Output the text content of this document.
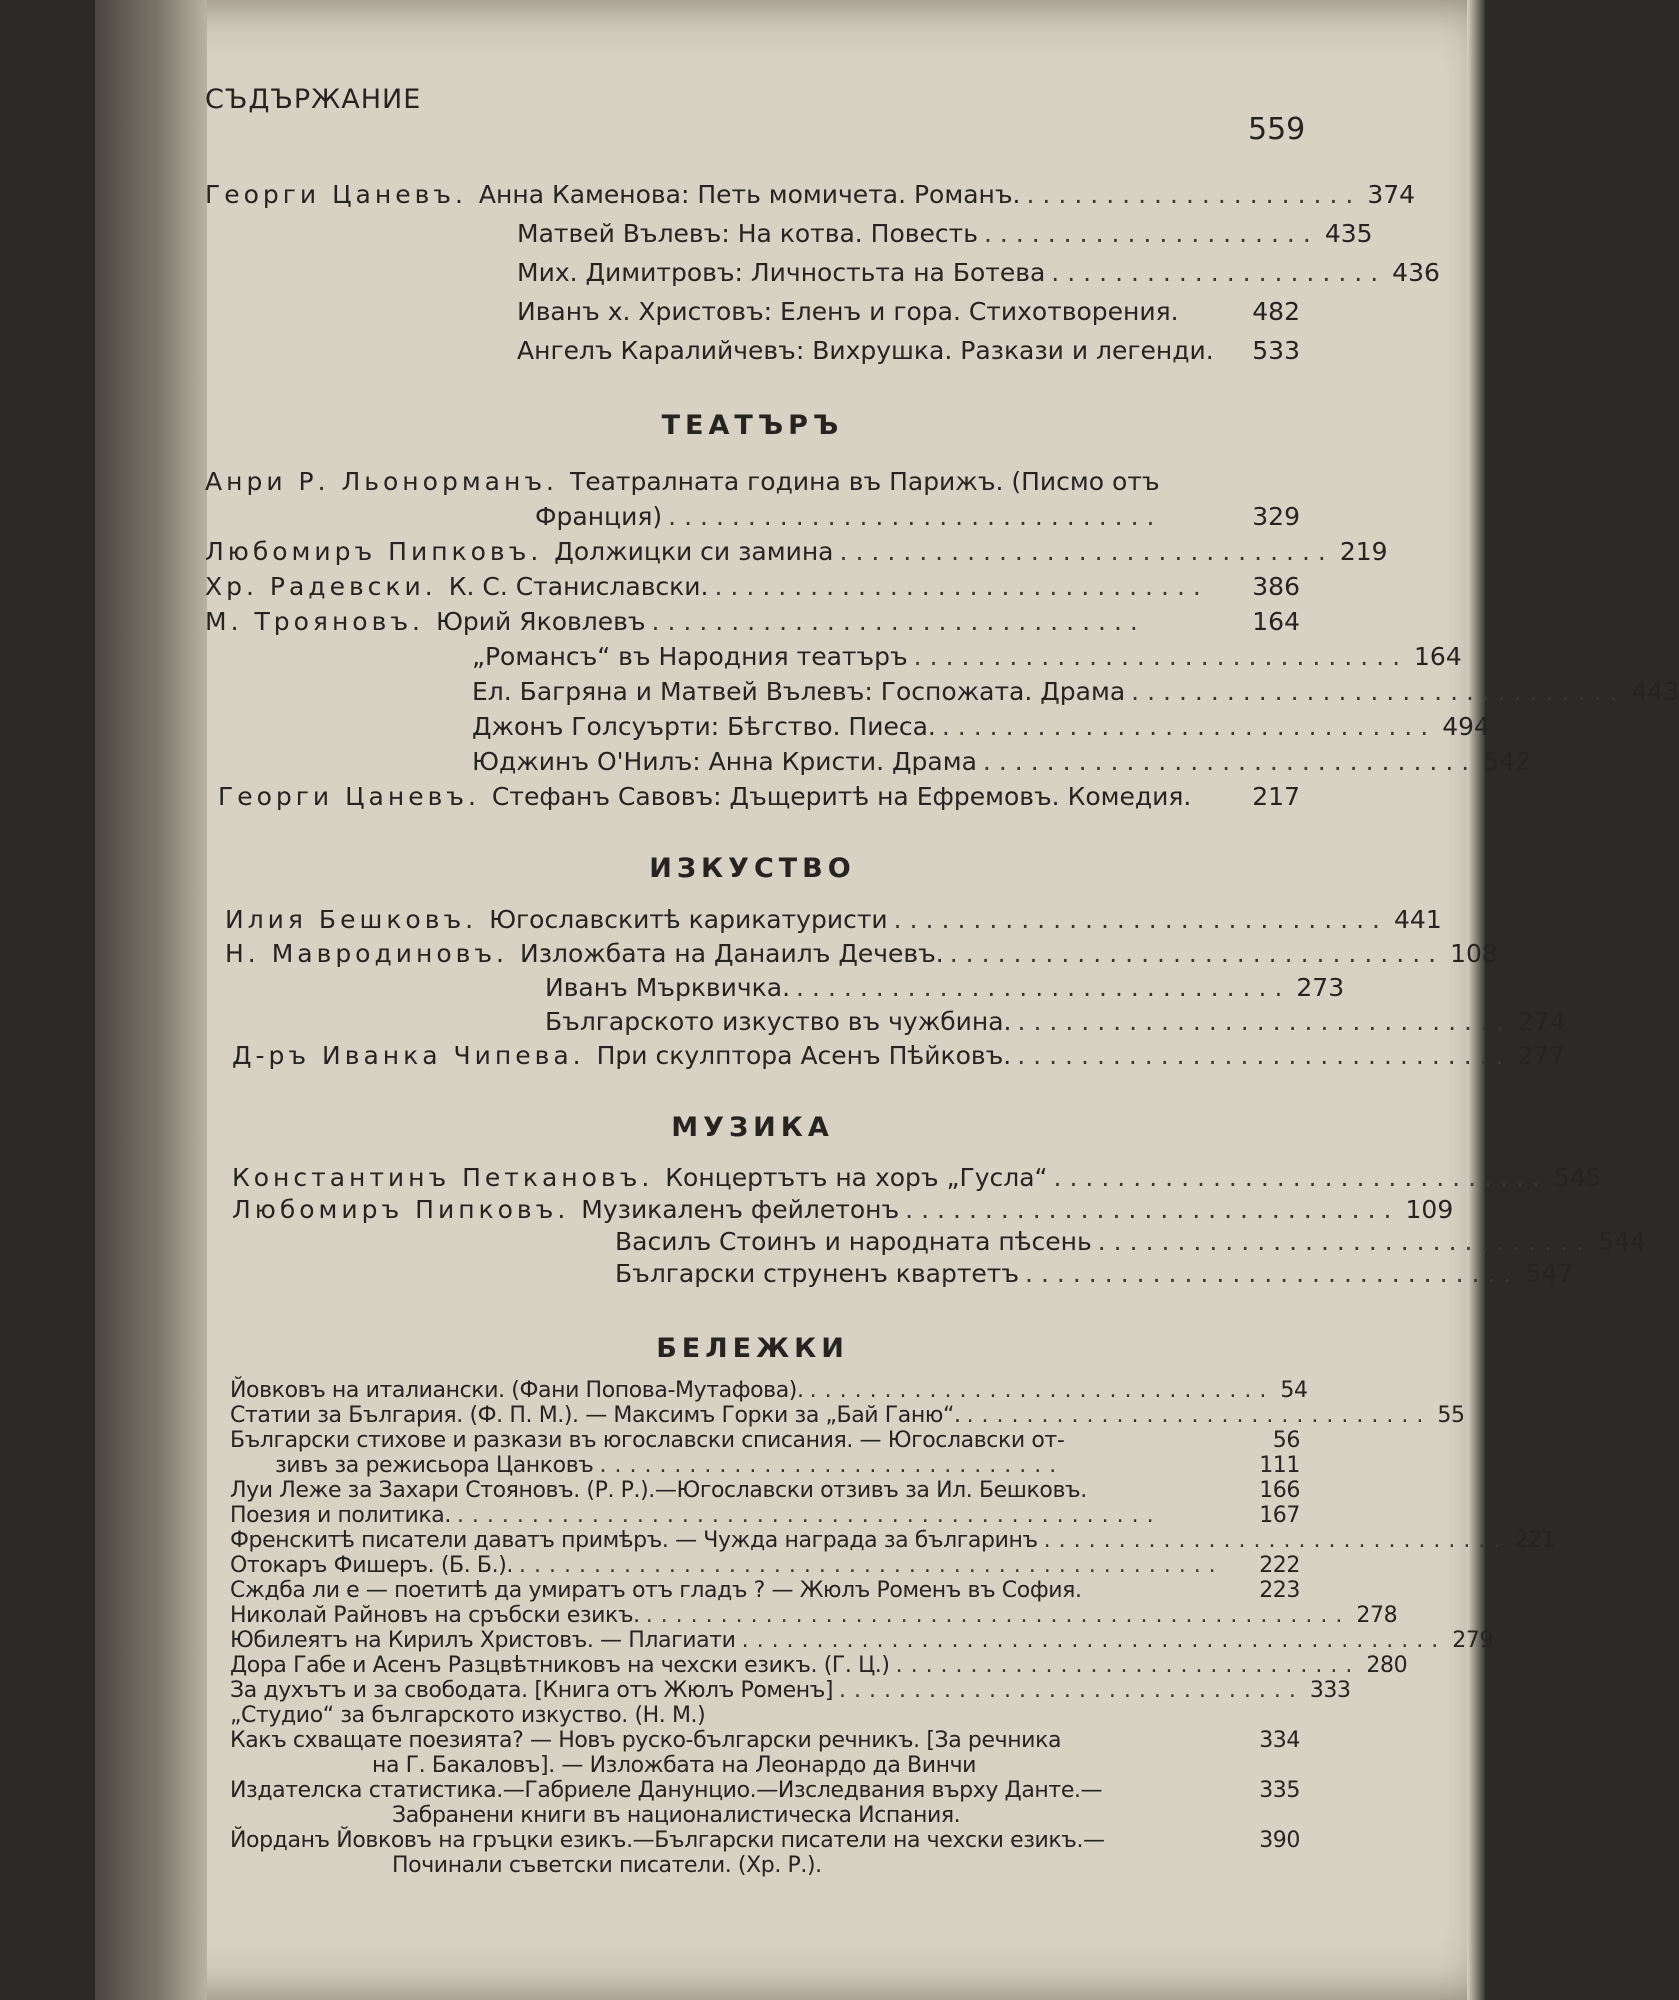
СЪДЪРЖАНИЕ
559
Георги Цаневъ. Анна Каменова: Петь момичета. Романъ. ..................... 374
Матвей Вълевъ: На котва. Повесть ..................... 435
Мих. Димитровъ: Личностьта на Ботева ..................... 436
Иванъ х. Христовъ: Еленъ и гора. Стихотворения.	482
Ангелъ Каралийчевъ: Вихрушка. Разкази и легенди. 533
ТЕАТЪРЪ
Анри Р. Льонорманъ. Театралната година въ Парижъ. (Писмо отъ
Франция) ...............................	329
Любомиръ Пипковъ. Должицки си замина ............................... 219
Хр. Радевски. К. С. Станиславски. ...............................	386
М. Трояновъ. Юрий Яковлевъ ...............................	164
„Романсъ“ въ Народния театъръ ............................... 164
Ел. Багряна и Матвей Вълевъ: Госпожата. Драма ............................... 443
Джонъ Голсуърти: Бѣгство. Пиеса. ............................... 494
Юджинъ О'Нилъ: Анна Кристи. Драма ............................... 542
Георги Цаневъ. Стефанъ Савовъ: Дъщеритѣ на Ефремовъ. Комедия. 217
ИЗКУСТВО
Илия Бешковъ. Югославскитѣ карикатуристи ............................... 441
Н. Мавродиновъ. Изложбата на Данаилъ Дечевъ. ............................... 108
Иванъ Мърквичка. ............................... 273
Българското изкуство въ чужбина. ............................... 274
Д-ръ Иванка Чипева. При скулптора Асенъ Пѣйковъ. ............................... 277
МУЗИКА
Константинъ Петкановъ. Концертътъ на хоръ „Гусла“ ............................... 545
Любомиръ Пипковъ. Музикаленъ фейлетонъ ............................... 109
Василъ Стоинъ и народната пѣсень ............................... 544
Български струненъ квартетъ ............................... 547
БЕЛЕЖКИ
Йовковъ на италиански. (Фани Попова-Мутафова). ............................... 54
Статии за България. (Ф. П. М.). — Максимъ Горки за „Бай Ганю“. ............................... 55
Български стихове и разкази въ югославски списания. — Югославски от-	56
зивъ за режисьора Цанковъ ...............................	111
Луи Леже за Захари Стояновъ. (Р. Р.).—Югославски отзивъ за Ил. Бешковъ.	166
Поезия и политика. ...............................................	167
Френскитѣ писатели даватъ примѣръ. — Чужда награда за българинъ ............................... 221
Отокаръ Фишеръ. (Б. Б.). ...............................................	222
Сждба ли е — поетитѣ да умиратъ отъ гладъ ? — Жюлъ Роменъ въ София.	223
Николай Райновъ на сръбски езикъ. ............................................... 278
Юбилеятъ на Кирилъ Христовъ. — Плагиати ............................................... 279
Дора Габе и Асенъ Разцвѣтниковъ на чехски езикъ. (Г. Ц.) ............................... 280
За духътъ и за свободата. [Книга отъ Жюлъ Роменъ] ............................... 333
„Студио“ за българското изкуство. (Н. М.)
Какъ схващате поезията? — Новъ руско-български речникъ. [За речника	334
на Г. Бакаловъ]. — Изложбата на Леонардо да Винчи
Издателска статистика.—Габриеле Данунцио.—Изследвания върху Данте.—	335
Забранени книги въ националистическа Испания.
Йорданъ Йовковъ на гръцки езикъ.—Български писатели на чехски езикъ.—	390
Починали съветски писатели. (Хр. Р.).
